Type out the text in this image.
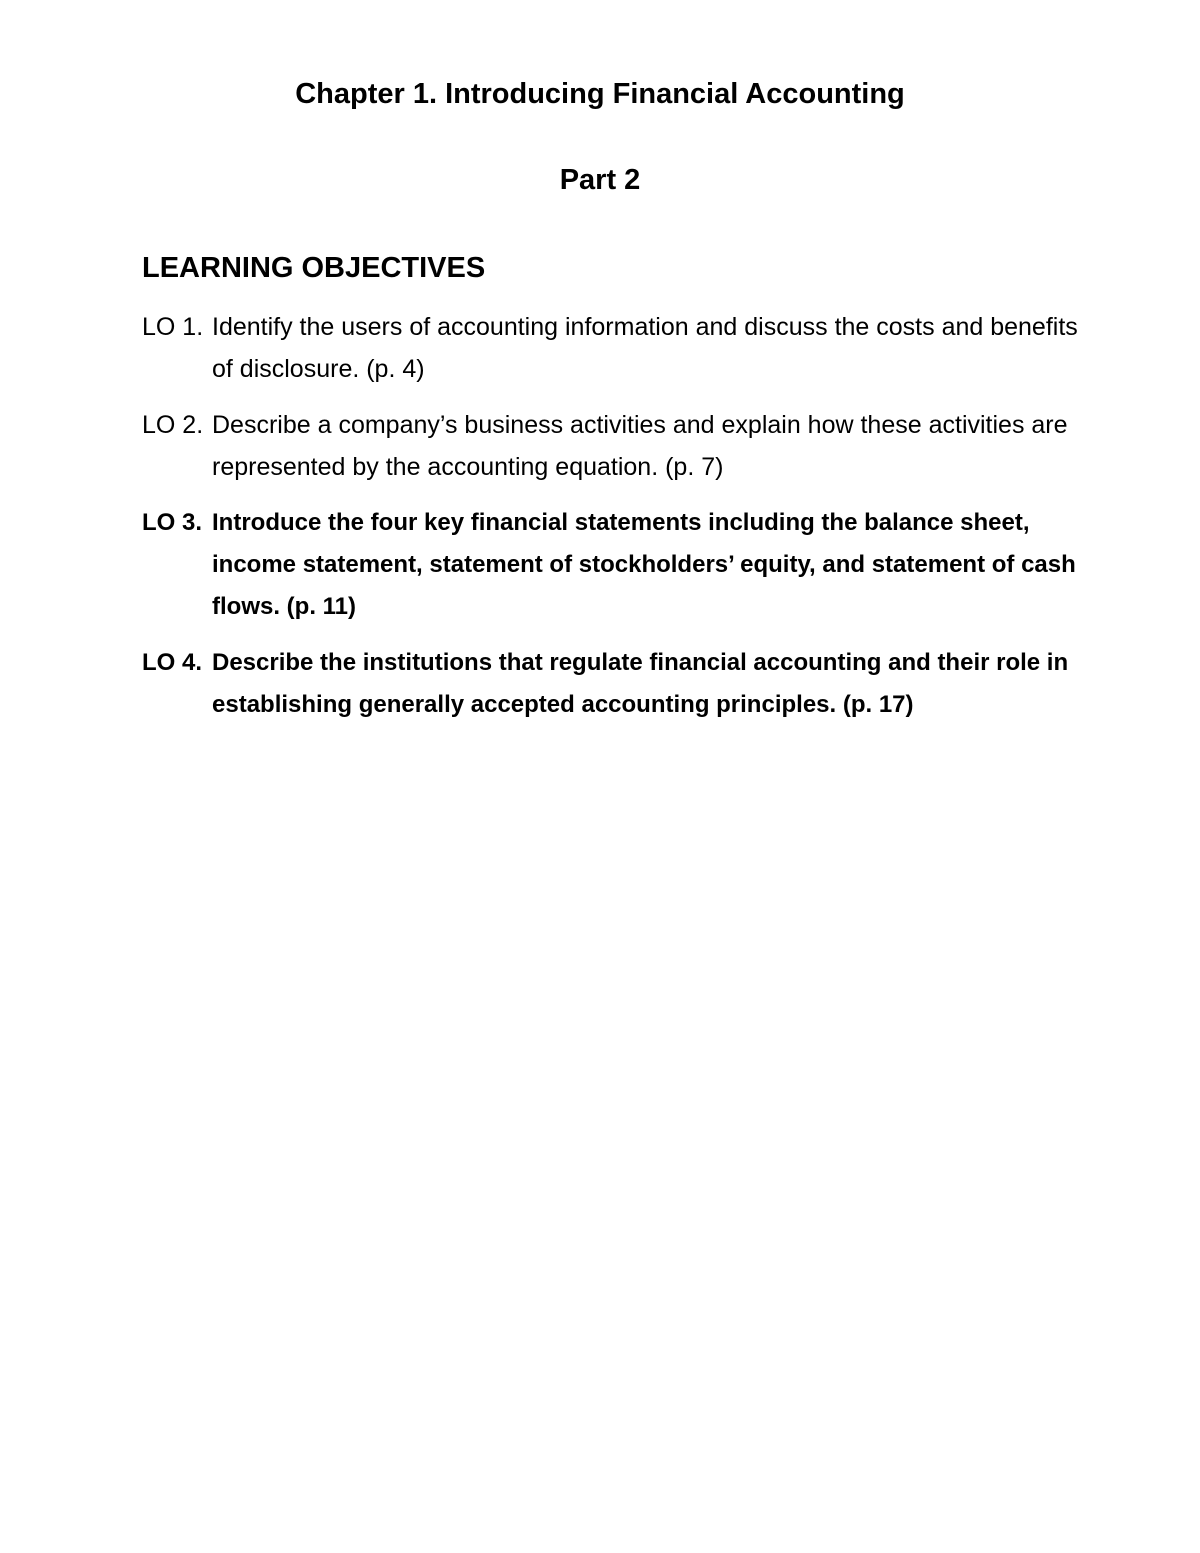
Chapter 1. Introducing Financial Accounting
Part 2
LEARNING OBJECTIVES
LO 1. Identify the users of accounting information and discuss the costs and benefits of disclosure. (p. 4)
LO 2. Describe a company’s business activities and explain how these activities are represented by the accounting equation. (p. 7)
LO 3. Introduce the four key financial statements including the balance sheet, income statement, statement of stockholders’ equity, and statement of cash flows. (p. 11)
LO 4. Describe the institutions that regulate financial accounting and their role in establishing generally accepted accounting principles. (p. 17)
